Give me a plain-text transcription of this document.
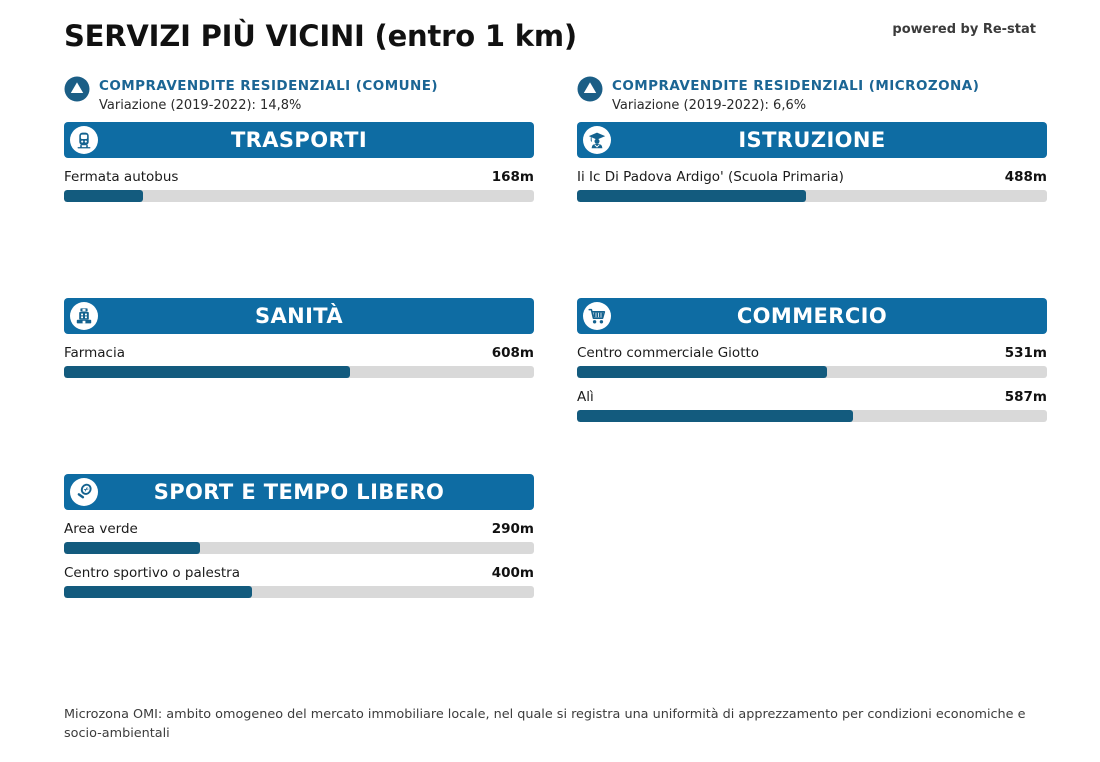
SERVIZI PIÙ VICINI (entro 1 km)	powered by Re-stat
COMPRAVENDITE RESIDENZIALI (COMUNE)
Variazione (2019-2022): 14,8%
TRASPORTI
Fermata autobus	168m
SANITÀ
Farmacia	608m
SPORT E TEMPO LIBERO
Area verde	290m
Centro sportivo o palestra	400m
COMPRAVENDITE RESIDENZIALI (MICROZONA)
Variazione (2019-2022): 6,6%
ISTRUZIONE
Ii Ic Di Padova Ardigo' (Scuola Primaria)	488m
COMMERCIO
Centro commerciale Giotto	531m
Alì	587m
Microzona OMI: ambito omogeneo del mercato immobiliare locale, nel quale si registra una uniformità di apprezzamento per condizioni economiche e socio-ambientali
